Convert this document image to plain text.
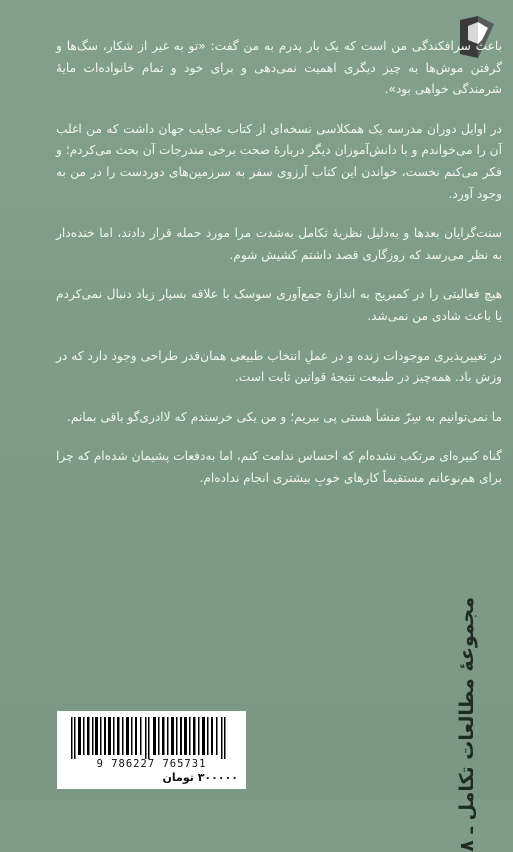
باعث سرافکندگی من است که یک بار پدرم به من گفت: «تو به غیر از شکار، سگ‌ها و گرفتن موش‌ها به چیز دیگری اهمیت نمی‌دهی و برای خود و تمام خانواده‌ات مایهٔ شرمندگی خواهی بود».

در اوایل دوران مدرسه یک همکلاسی نسخه‌ای از کتاب عجایب جهان داشت که من اغلب آن را می‌خواندم و با دانش‌آموزان دیگر دربارهٔ صحت برخی مندرجات آن بحث می‌کردم؛ و فکر می‌کنم نخست، خواندن این کتاب آرزوی سفر به سرزمین‌های دوردست را در من به وجود آورد.

سنت‌گرایان بعدها و به‌دلیل نظریهٔ تکامل به‌شدت مرا مورد حمله قرار دادند، اما خنده‌دار به نظر می‌رسد که روزگاری قصد داشتم کشیش شوم.

هیچ فعالیتی را در کمبریج به اندازهٔ جمع‌آوری سوسک با علاقه بسیار زیاد دنبال نمی‌کردم یا باعث شادی من نمی‌شد.

در تغییرپذیری موجودات زنده و در عملِ انتخاب طبیعی همان‌قدر طراحی وجود دارد که در وزش باد. همه‌چیز در طبیعت نتیجهٔ قوانین ثابت است.

ما نمی‌توانیم به سِرّ منشأ هستی پی ببریم؛ و من یکی خرسندم که لاادری‌گو باقی بمانم.

گناه کبیره‌ای مرتکب نشده‌ام که احساس ندامت کنم، اما به‌دفعات پشیمان شده‌ام که چرا برای هم‌نوعانم مستقیماً کارهای خوبِ بیشتری انجام نداده‌ام.

مجموعهٔ مطالعات تکامل ـ ۸
9 786227 765731
۳۰۰۰۰۰ تومان
